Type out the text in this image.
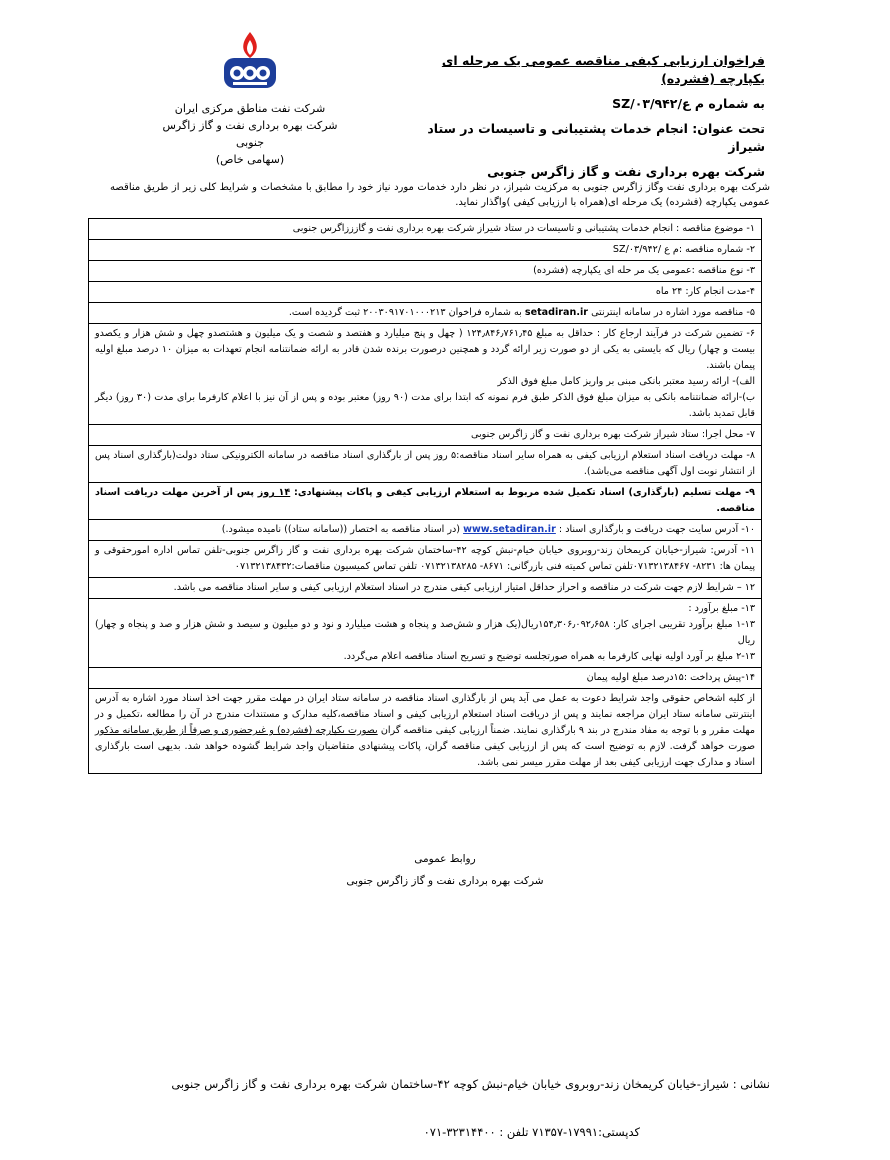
شرکت نفت مناطق مرکزی ایران

شرکت بهره برداری نفت و گاز زاگرس جنوبی

(سهامی خاص)

فراخوان ارزیابی کیفی مناقصه عمومی یک مرحله ای یکپارچه (فشرده)

به شماره م ع/SZ/۰۳/۹۴۲

تحت عنوان: انجام خدمات پشتیبانی و تاسیسات در ستاد شیراز

شرکت بهره برداری نفت و گاز زاگرس جنوبی

شرکت بهره برداری نفت وگاز زاگرس جنوبی به مرکزیت شیراز، در نظر دارد خدمات مورد نیاز خود را مطابق با مشخصات و شرایط کلی زیر از طریق مناقصه عمومی یکپارچه (فشرده) یک مرحله ای(همراه با ارزیابی کیفی )واگذار نماید.

۱- موضوع مناقصه : انجام خدمات پشتیبانی و تاسیسات در ستاد شیراز شرکت بهره برداری نفت و گازززاگرس جنوبی
۲- شماره مناقصه :م ع /SZ/۰۳/۹۴۲
۳- نوع مناقصه :عمومی یک مر حله ای یکپارچه (فشرده)
۴-مدت انجام کار: ۲۴ ماه
۵- مناقصه مورد اشاره در سامانه اینترنتی setadiran.ir به شماره فراخوان ۲۰۰۳۰۹۱۷۰۱۰۰۰۲۱۳ ثبت گردیده است.

۶- تضمین شرکت در فرآیند ارجاع کار : حداقل به مبلغ ۱۲۴٫۸۴۶٫۷۶۱٫۴۵ ( چهل و پنج میلیارد و هفتصد و شصت و یک میلیون و هشتصدو چهل و شش هزار و یکصدو بیست و چهار) ریال که بایستی به یکی از دو صورت زیر ارائه گردد و همچنین درصورت برنده شدن قادر به ارائه ضمانتنامه انجام تعهدات به میزان ۱۰ درصد مبلغ اولیه پیمان باشند.

الف)- ارائه رسید معتبر بانکی مبنی بر واریز کامل مبلغ فوق الذکر

ب)-ارائه ضمانتنامه بانکی به میزان مبلغ فوق الذکر طبق فرم نمونه که ابتدا برای مدت (۹۰ روز) معتبر بوده و پس از آن نیز با اعلام کارفرما برای مدت (۳۰ روز) دیگر قابل تمدید باشد.

۷- محل اجرا: ستاد شیراز شرکت بهره برداری نفت و گاز زاگرس جنوبی
۸- مهلت دریافت اسناد استعلام ارزیابی کیفی به همراه سایر اسناد مناقصه:۵ روز پس از بارگذاری اسناد مناقصه در سامانه الکترونیکی ستاد دولت(بارگذاری اسناد پس از انتشار نوبت اول آگهی مناقصه می‌باشد).
۹- مهلت تسلیم (بارگذاری) اسناد تکمیل شده مربوط به استعلام ارزیابی کیفی و پاکات پیشنهادی: ۱۴ روز پس از آخرین مهلت دریافت اسناد مناقصه.
۱۰- آدرس سایت جهت دریافت و بارگذاری اسناد : www.setadiran.ir (در اسناد مناقصه به اختصار ((سامانه ستاد)) نامیده میشود.)
۱۱- آدرس: شیراز-خیابان کریمخان زند-روبروی خیابان خیام-نبش کوچه ۴۲-ساختمان شرکت بهره برداری نفت و گاز زاگرس جنوبی-تلفن تماس اداره امورحقوقی و پیمان ها: ۸۲۳۱- ۰۷۱۳۲۱۳۸۴۶۷تلفن تماس کمیته فنی بازرگانی: ۸۶۷۱- ۰۷۱۳۲۱۳۸۲۸۵ تلفن تماس کمیسیون مناقصات:۰۷۱۳۲۱۳۸۴۳۲
۱۲ – شرایط لازم جهت شرکت در مناقصه و احراز حداقل امتیاز ارزیابی کیفی مندرج در اسناد استعلام ارزیابی کیفی و سایر اسناد مناقصه می باشد.

۱۳- مبلغ برآورد :

۱-۱۳ مبلغ برآورد تقریبی اجرای کار: ۱۵۴٫۳۰۶٫۰۹۲٫۶۵۸ریال(یک هزار و شش‌صد و پنجاه و هشت میلیارد و نود و دو میلیون و سیصد و شش هزار و صد و پنجاه و چهار) ریال

۲-۱۳ مبلغ بر آورد اولیه نهایی کارفرما به همراه صورتجلسه توضیح و تسریح اسناد مناقصه اعلام می‌گردد.

۱۴-پیش پرداخت :۱۵درصد مبلغ اولیه پیمان
از کلیه اشخاص حقوقی واجد شرایط دعوت به عمل می آید پس از بارگذاری اسناد مناقصه در سامانه ستاد ایران در مهلت مقرر جهت اخذ اسناد مورد اشاره به آدرس اینترنتی سامانه ستاد ایران مراجعه نمایند و پس از دریافت اسناد استعلام ارزیابی کیفی و اسناد مناقصه،کلیه مدارک و مستندات مندرج در آن را مطالعه ،تکمیل و در مهلت مقرر و با توجه به مفاد مندرج در بند ۹ بارگذاری نمایند. ضمناً ارزیابی کیفی مناقصه گران بصورت یکپارچه (فشرده) و غیرحضوری و صرفاً از طریق سامانه مذکور صورت خواهد گرفت. لازم به توضیح است که پس از ارزیابی کیفی مناقصه گران، پاکات پیشنهادی متقاضیان واجد شرایط گشوده خواهد شد. بدیهی است بارگذاری اسناد و مدارک جهت ارزیابی کیفی بعد از مهلت مقرر میسر نمی باشد.

روابط عمومی

شرکت بهره برداری نفت و گاز زاگرس جنوبی

نشانی : شیراز-خیابان کریمخان زند-روبروی خیابان خیام-نبش کوچه ۴۲-ساختمان شرکت بهره برداری نفت و گاز زاگرس جنوبی

کدپستی:۱۷۹۹۱-۷۱۳۵۷ تلفن : ۳۲۳۱۴۴۰۰-۰۷۱
